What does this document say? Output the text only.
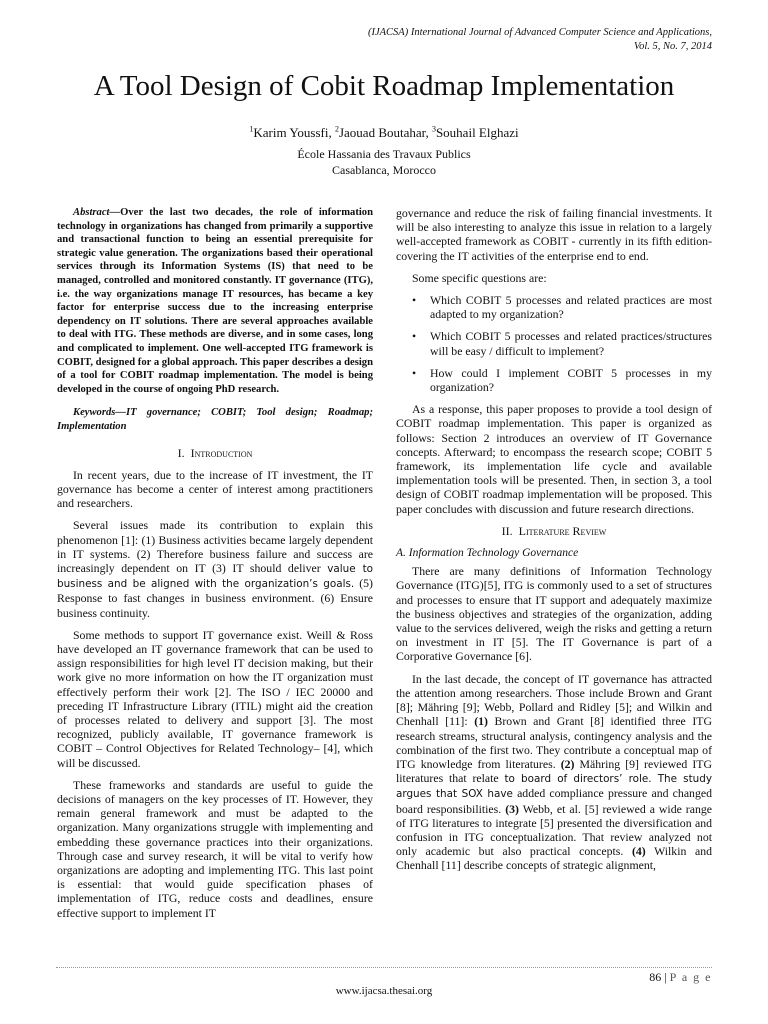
(IJACSA) International Journal of Advanced Computer Science and Applications,
Vol. 5, No. 7, 2014
A Tool Design of Cobit Roadmap Implementation
$^1$Karim Youssfi, $^2$Jaouad Boutahar, $^3$Souhail Elghazi
École Hassania des Travaux Publics
Casablanca, Morocco

Abstract—Over the last two decades, the role of information technology in organizations has changed from primarily a supportive and transactional function to being an essential prerequisite for strategic value generation. The organizations based their operational services through its Information Systems (IS) that need to be managed, controlled and monitored constantly. IT governance (ITG), i.e. the way organizations manage IT resources, has became a key factor for enterprise success due to the increasing enterprise dependency on IT solutions. There are several approaches available to deal with ITG. These methods are diverse, and in some cases, long and complicated to implement. One well-accepted ITG framework is COBIT, designed for a global approach. This paper describes a design of a tool for COBIT roadmap implementation. The model is being developed in the course of ongoing PhD research.

Keywords—IT governance; COBIT; Tool design; Roadmap; Implementation

I. Introduction

In recent years, due to the increase of IT investment, the IT governance has become a center of interest among practitioners and researchers.

Several issues made its contribution to explain this phenomenon [1]: (1) Business activities became largely dependent in IT systems. (2) Therefore business failure and success are increasingly dependent on IT (3) IT should deliver value to business and be aligned with the organization’s goals. (5) Response to fast changes in business environment. (6) Ensure business continuity.

Some methods to support IT governance exist. Weill & Ross have developed an IT governance framework that can be used to assign responsibilities for high level IT decision making, but their work give no more information on how the IT organization must effectively perform their work [2]. The ISO / IEC 20000 and preceding IT Infrastructure Library (ITIL) might aid the creation of processes related to delivery and support [3]. The most recognized, publicly available, IT governance framework is COBIT – Control Objectives for Related Technology– [4], which will be discussed.

These frameworks and standards are useful to guide the decisions of managers on the key processes of IT. However, they remain general framework and must be adapted to the organization. Many organizations struggle with implementing and embedding these governance practices into their organizations. Through case and survey research, it will be vital to verify how organizations are adopting and implementing ITG. This last point is essential: that would guide specification phases of implementation of ITG, reduce costs and deadlines, ensure effective support to implement IT

governance and reduce the risk of failing financial investments. It will be also interesting to analyze this issue in relation to a largely well-accepted framework as COBIT - currently in its fifth edition- covering the IT activities of the enterprise end to end.

Some specific questions are:

• Which COBIT 5 processes and related practices are most adapted to my organization?
• Which COBIT 5 processes and related practices/structures will be easy / difficult to implement?
• How could I implement COBIT 5 processes in my organization?

As a response, this paper proposes to provide a tool design of COBIT roadmap implementation. This paper is organized as follows: Section 2 introduces an overview of IT Governance concepts. Afterward; to encompass the research scope; COBIT 5 framework, its implementation life cycle and available implementation tools will be presented. Then, in section 3, a tool design of COBIT roadmap implementation will be proposed. This paper concludes with discussion and future research directions.

II. Literature Review
A. Information Technology Governance

There are many definitions of Information Technology Governance (ITG)[5], ITG is commonly used to a set of structures and processes to ensure that IT support and adequately maximize the business objectives and strategies of the organization, adding value to the services delivered, weigh the risks and getting a return on investment in IT [5]. The IT Governance is part of a Corporative Governance [6].

In the last decade, the concept of IT governance has attracted the attention among researchers. Those include Brown and Grant [8]; Mähring [9]; Webb, Pollard and Ridley [5]; and Wilkin and Chenhall [11]: (1) Brown and Grant [8] identified three ITG research streams, structural analysis, contingency analysis and the combination of the first two. They contribute a conceptual map of ITG knowledge from literatures. (2) Mähring [9] reviewed ITG literatures that relate to board of directors’ role. The study argues that SOX have added compliance pressure and changed board responsibilities. (3) Webb, et al. [5] reviewed a wide range of ITG literatures to integrate [5] presented the diversification and confusion in ITG conceptualization. That review analyzed not only academic but also practical concepts. (4) Wilkin and Chenhall [11] describe concepts of strategic alignment,

86 | P a g e
www.ijacsa.thesai.org
